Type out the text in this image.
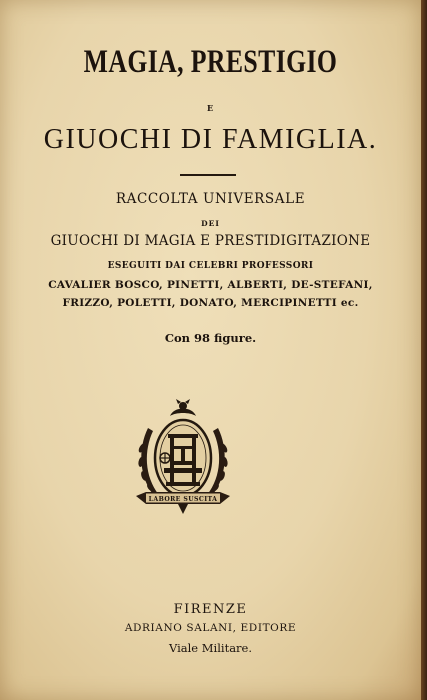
MAGIA, PRESTIGIO
E
GIUOCHI DI FAMIGLIA.
RACCOLTA UNIVERSALE
DEI
GIUOCHI DI MAGIA E PRESTIDIGITAZIONE
ESEGUITI DAI CELEBRI PROFESSORI
CAVALIER BOSCO, PINETTI, ALBERTI, DE-STEFANI,
FRIZZO, POLETTI, DONATO, MERCIPINETTI ec.
Con 98 figure.
LABORE SUSCITA
FIRENZE
ADRIANO SALANI, EDITORE
Viale Militare.
